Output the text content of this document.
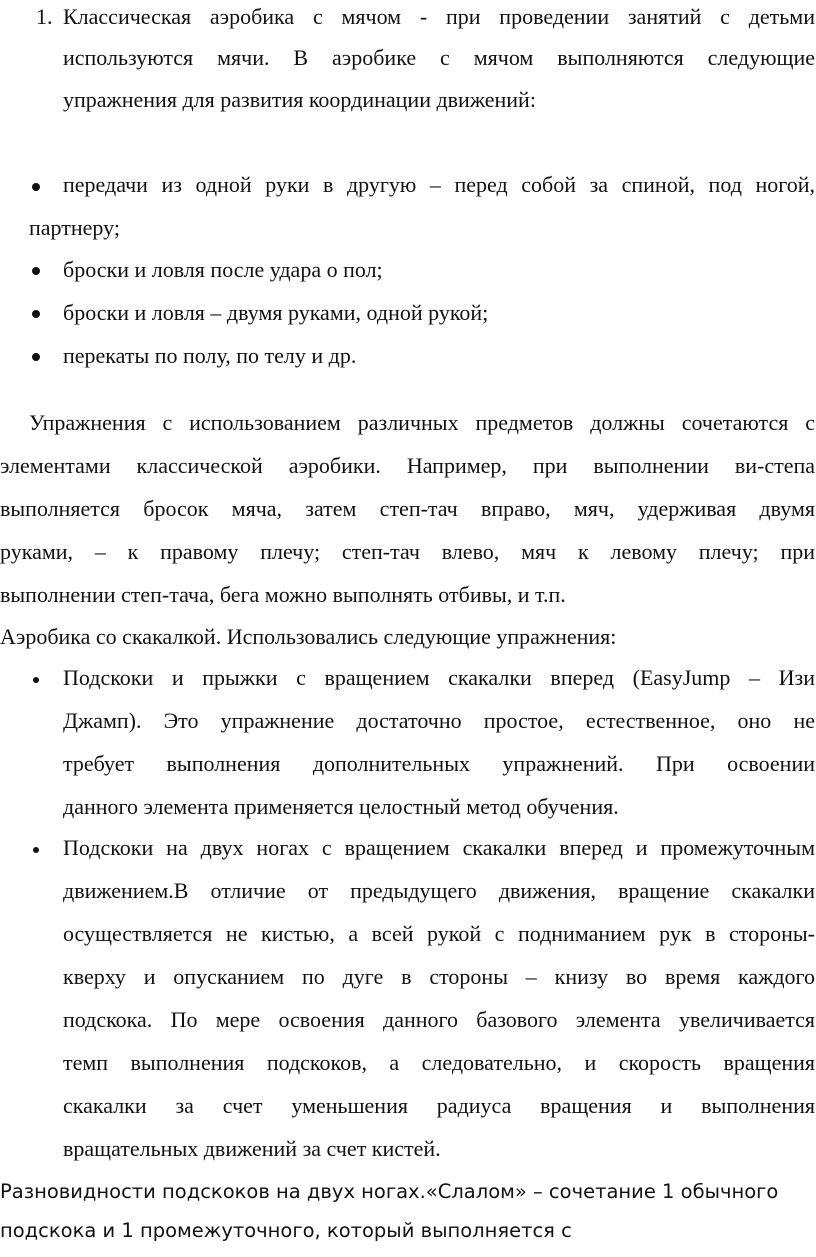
1. Классическая аэробика с мячом - при проведении занятий с детьми
используются мячи. В аэробике с мячом выполняются следующие
упражнения для развития координации движений:
передачи из одной руки в другую – перед собой за спиной, под ногой,
партнеру;
броски и ловля после удара о пол;
броски и ловля – двумя руками, одной рукой;
перекаты по полу, по телу и др.
Упражнения с использованием различных предметов должны сочетаются с
элементами классической аэробики. Например, при выполнении ви-степа
выполняется бросок мяча, затем степ-тач вправо, мяч, удерживая двумя
руками, – к правому плечу; степ-тач влево, мяч к левому плечу; при
выполнении степ-тача, бега можно выполнять отбивы, и т.п.
Аэробика со скакалкой. Использовались следующие упражнения:
Подскоки и прыжки с вращением скакалки вперед (EasyJump – Изи
Джамп). Это упражнение достаточно простое, естественное, оно не
требует выполнения дополнительных упражнений. При освоении
данного элемента применяется целостный метод обучения.
Подскоки на двух ногах с вращением скакалки вперед и промежуточным
движением.В отличие от предыдущего движения, вращение скакалки
осуществляется не кистью, а всей рукой с подниманием рук в стороны-
кверху и опусканием по дуге в стороны – книзу во время каждого
подскока. По мере освоения данного базового элемента увеличивается
темп выполнения подскоков, а следовательно, и скорость вращения
скакалки за счет уменьшения радиуса вращения и выполнения
вращательных движений за счет кистей.
Разновидности подскоков на двух ногах.«Слалом» – сочетание 1 обычного
подскока и 1 промежуточного, который выполняется с
